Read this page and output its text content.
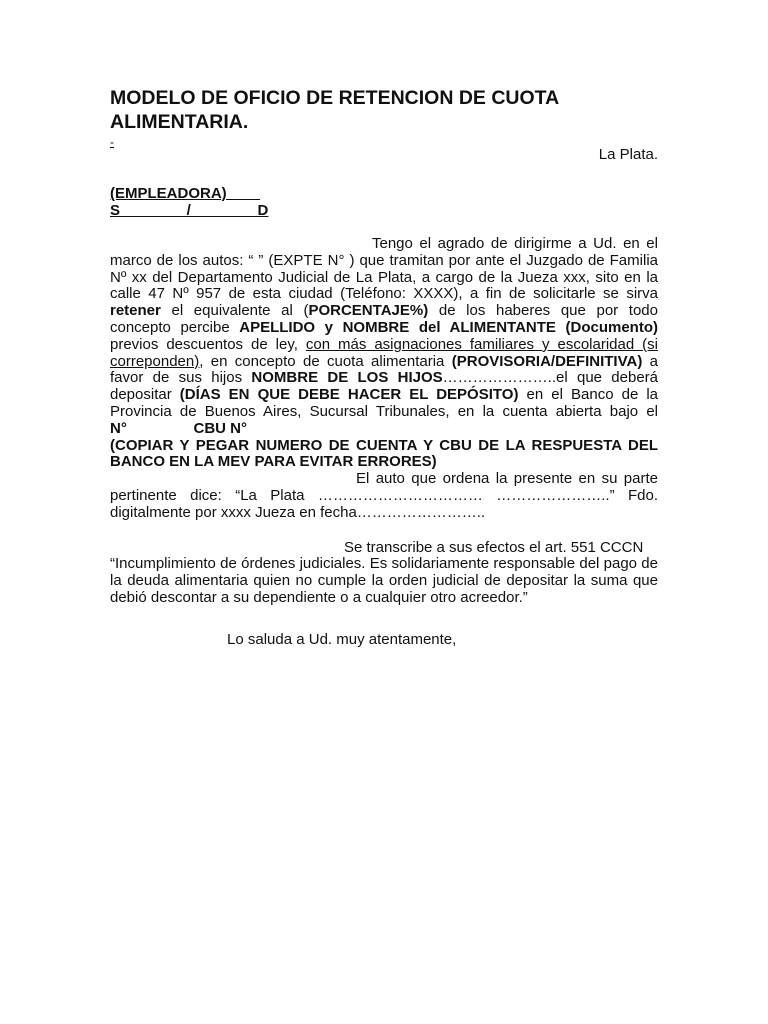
MODELO DE OFICIO DE RETENCION DE CUOTA ALIMENTARIA.
-
La Plata.
(EMPLEADORA)
S                /                D

Tengo el agrado de dirigirme a Ud. en el marco de los autos: “ ” (EXPTE N° ) que tramitan por ante el Juzgado de Familia Nº xx del Departamento Judicial de La Plata, a cargo de la Jueza xxx, sito en la calle 47 Nº 957 de esta ciudad (Teléfono: XXXX), a fin de solicitarle se sirva retener el equivalente al (PORCENTAJE%) de los haberes que por todo concepto percibe APELLIDO y NOMBRE del ALIMENTANTE (Documento) previos descuentos de ley, con más asignaciones familiares y escolaridad (si correponden), en concepto de cuota alimentaria (PROVISORIA/DEFINITIVA) a favor de sus hijos NOMBRE DE LOS HIJOS…………………..el que deberá depositar (DÍAS EN QUE DEBE HACER EL DEPÓSITO) en el Banco de la Provincia de Buenos Aires, Sucursal Tribunales, en la cuenta abierta bajo el N°                CBU N°

(COPIAR Y PEGAR NUMERO DE CUENTA Y CBU DE LA RESPUESTA DEL BANCO EN LA MEV PARA EVITAR ERRORES)

El auto que ordena la presente en su parte pertinente dice: “La Plata …………………………… …………………..” Fdo. digitalmente por xxxx Jueza en fecha……………………..

Se transcribe a sus efectos el art. 551 CCCN

“Incumplimiento de órdenes judiciales. Es solidariamente responsable del pago de la deuda alimentaria quien no cumple la orden judicial de depositar la suma que debió descontar a su dependiente o a cualquier otro acreedor.”

Lo saluda a Ud. muy atentamente,
